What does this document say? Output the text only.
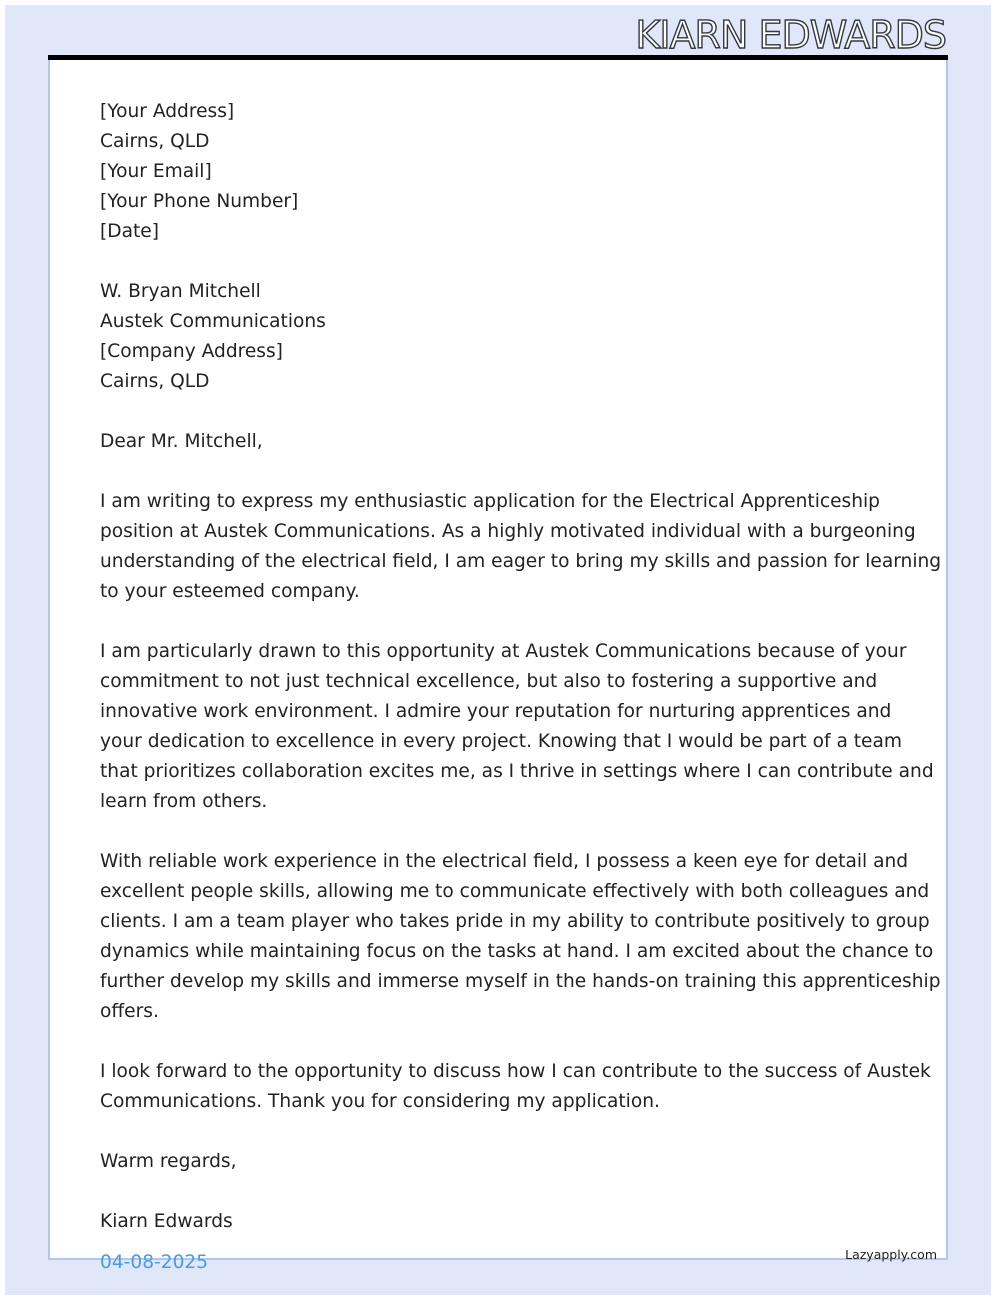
KIARN EDWARDS
[Your Address]
Cairns, QLD
[Your Email]
[Your Phone Number]
[Date]
W. Bryan Mitchell
Austek Communications
[Company Address]
Cairns, QLD
Dear Mr. Mitchell,
I am writing to express my enthusiastic application for the Electrical Apprenticeship
position at Austek Communications. As a highly motivated individual with a burgeoning
understanding of the electrical field, I am eager to bring my skills and passion for learning
to your esteemed company.
I am particularly drawn to this opportunity at Austek Communications because of your
commitment to not just technical excellence, but also to fostering a supportive and
innovative work environment. I admire your reputation for nurturing apprentices and
your dedication to excellence in every project. Knowing that I would be part of a team
that prioritizes collaboration excites me, as I thrive in settings where I can contribute and
learn from others.
With reliable work experience in the electrical field, I possess a keen eye for detail and
excellent people skills, allowing me to communicate effectively with both colleagues and
clients. I am a team player who takes pride in my ability to contribute positively to group
dynamics while maintaining focus on the tasks at hand. I am excited about the chance to
further develop my skills and immerse myself in the hands-on training this apprenticeship
offers.
I look forward to the opportunity to discuss how I can contribute to the success of Austek
Communications. Thank you for considering my application.
Warm regards,
Kiarn Edwards
04-08-2025	Lazyapply.com
